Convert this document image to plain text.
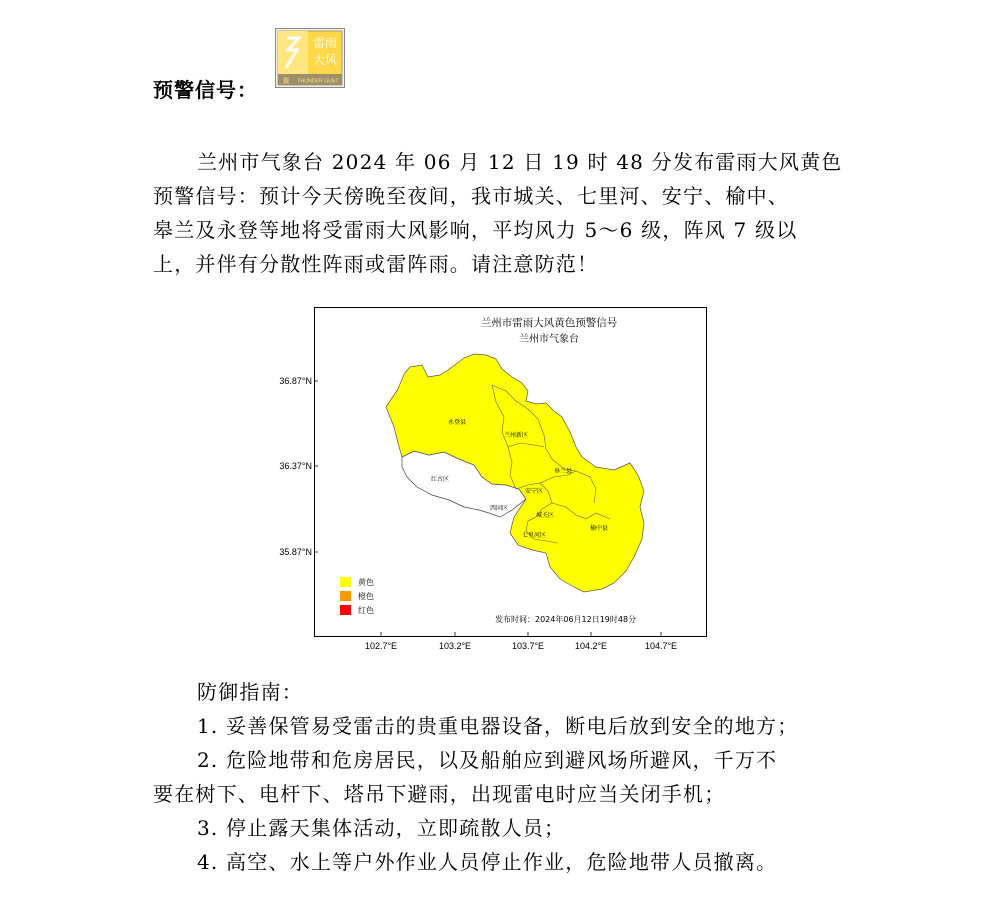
预警信号：
雷雨
大风
黄 THUNDER GUST
兰州市气象台 2024 年 06 月 12 日 19 时 48 分发布雷雨大风黄色
预警信号：预计今天傍晚至夜间，我市城关、七里河、安宁、榆中、
皋兰及永登等地将受雷雨大风影响，平均风力 5～6 级，阵风 7 级以
上，并伴有分散性阵雨或雷阵雨。请注意防范！
兰州市雷雨大风黄色预警信号
兰州市气象台
永登县
兰州新区
皋兰县
红古区
西固区
安宁区
城关区
七里河区
榆中县
黄色
橙色
红色
发布时间：2024年06月12日19时48分
36.87°N
36.37°N
35.87°N
102.7°E	103.2°E	103.7°E	104.2°E	104.7°E
防御指南：
1. 妥善保管易受雷击的贵重电器设备，断电后放到安全的地方；
2. 危险地带和危房居民，以及船舶应到避风场所避风，千万不
要在树下、电杆下、塔吊下避雨，出现雷电时应当关闭手机；
3. 停止露天集体活动，立即疏散人员；
4. 高空、水上等户外作业人员停止作业，危险地带人员撤离。
